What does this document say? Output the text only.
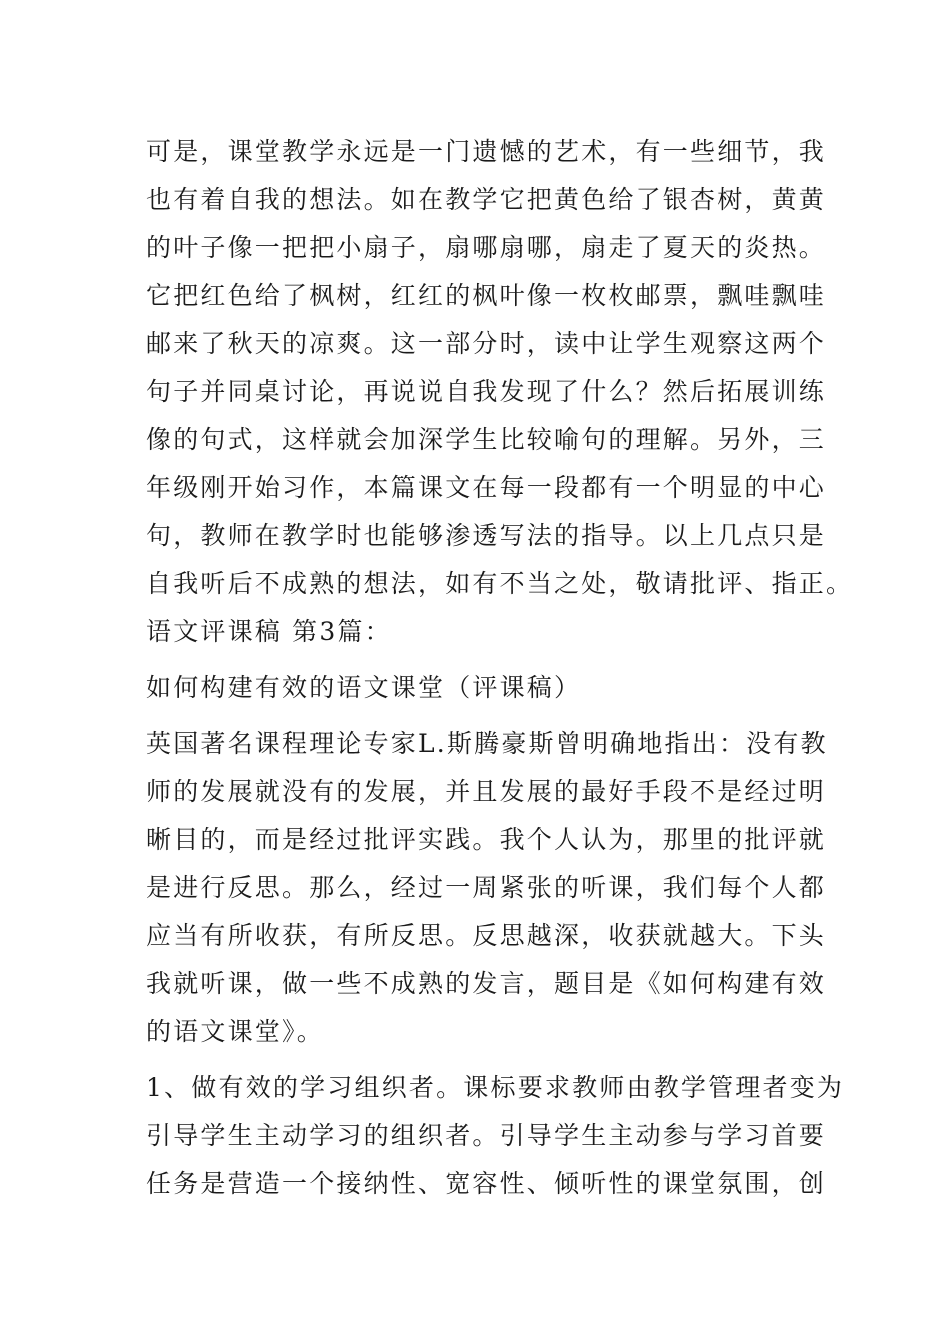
可是，课堂教学永远是一门遗憾的艺术，有一些细节，我
也有着自我的想法。如在教学它把黄色给了银杏树，黄黄
的叶子像一把把小扇子，扇哪扇哪，扇走了夏天的炎热。
它把红色给了枫树，红红的枫叶像一枚枚邮票，飘哇飘哇
邮来了秋天的凉爽。这一部分时，读中让学生观察这两个
句子并同桌讨论，再说说自我发现了什么？然后拓展训练
像的句式，这样就会加深学生比较喻句的理解。另外，三
年级刚开始习作，本篇课文在每一段都有一个明显的中心
句，教师在教学时也能够渗透写法的指导。以上几点只是
自我听后不成熟的想法，如有不当之处，敬请批评、指正。
语文评课稿 第3篇：
如何构建有效的语文课堂（评课稿）
英国著名课程理论专家L.斯腾豪斯曾明确地指出：没有教
师的发展就没有的发展，并且发展的最好手段不是经过明
晰目的，而是经过批评实践。我个人认为，那里的批评就
是进行反思。那么，经过一周紧张的听课，我们每个人都
应当有所收获，有所反思。反思越深，收获就越大。下头
我就听课，做一些不成熟的发言，题目是《如何构建有效
的语文课堂》。
1、做有效的学习组织者。课标要求教师由教学管理者变为
引导学生主动学习的组织者。引导学生主动参与学习首要
任务是营造一个接纳性、宽容性、倾听性的课堂氛围，创
